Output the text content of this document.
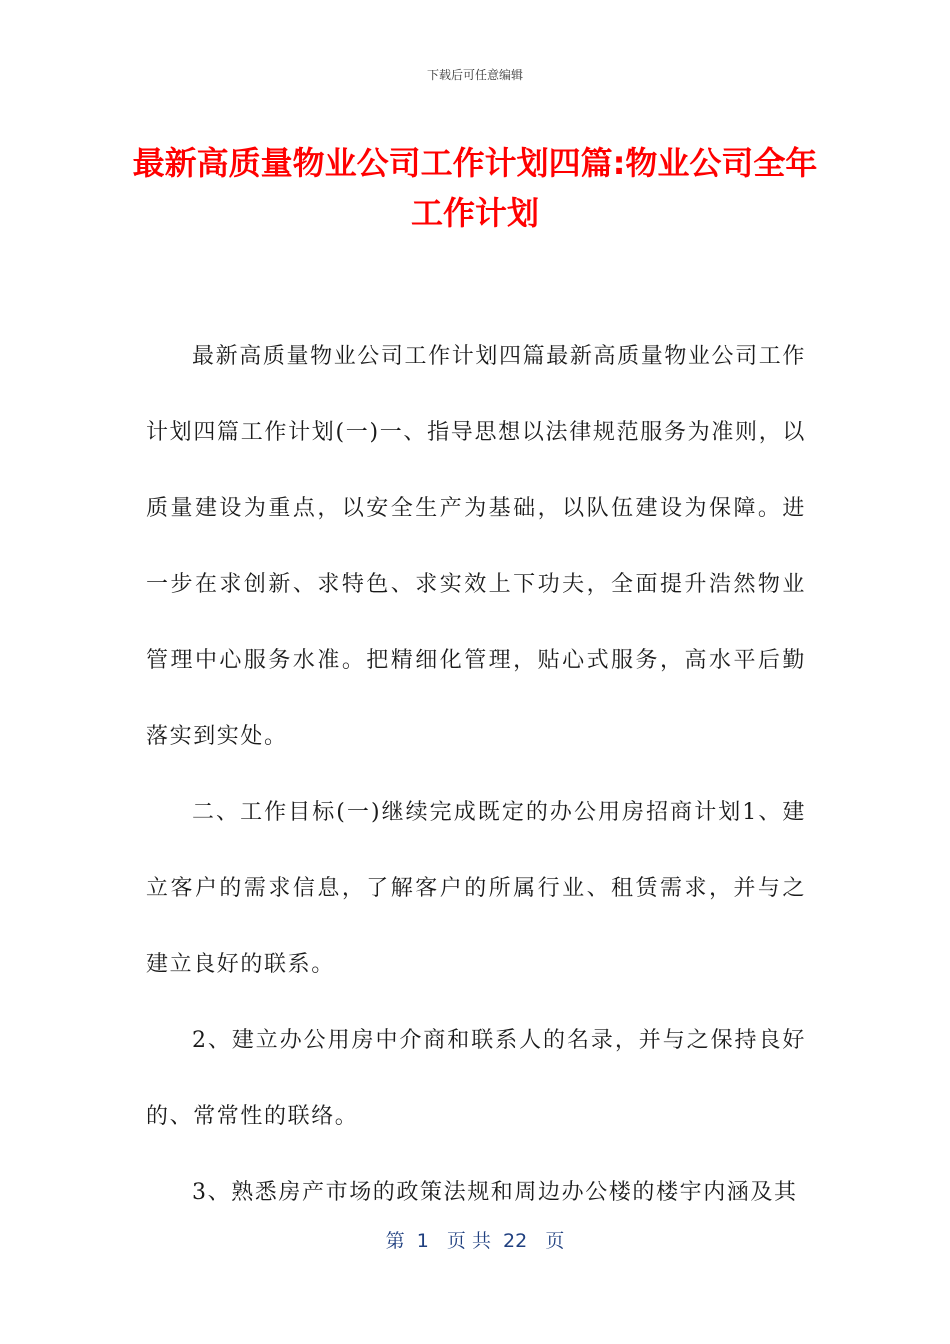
下载后可任意编辑
最新高质量物业公司工作计划四篇:物业公司全年工作计划

最新高质量物业公司工作计划四篇最新高质量物业公司工作计划四篇工作计划(一)一、指导思想以法律规范服务为准则，以质量建设为重点，以安全生产为基础，以队伍建设为保障。进一步在求创新、求特色、求实效上下功夫，全面提升浩然物业管理中心服务水准。把精细化管理，贴心式服务，高水平后勤落实到实处。

二、工作目标(一)继续完成既定的办公用房招商计划1、建立客户的需求信息，了解客户的所属行业、租赁需求，并与之建立良好的联系。

2、建立办公用房中介商和联系人的名录，并与之保持良好的、常常性的联络。

3、熟悉房产市场的政策法规和周边办公楼的楼宇内涵及其

第  1   页 共  22   页
